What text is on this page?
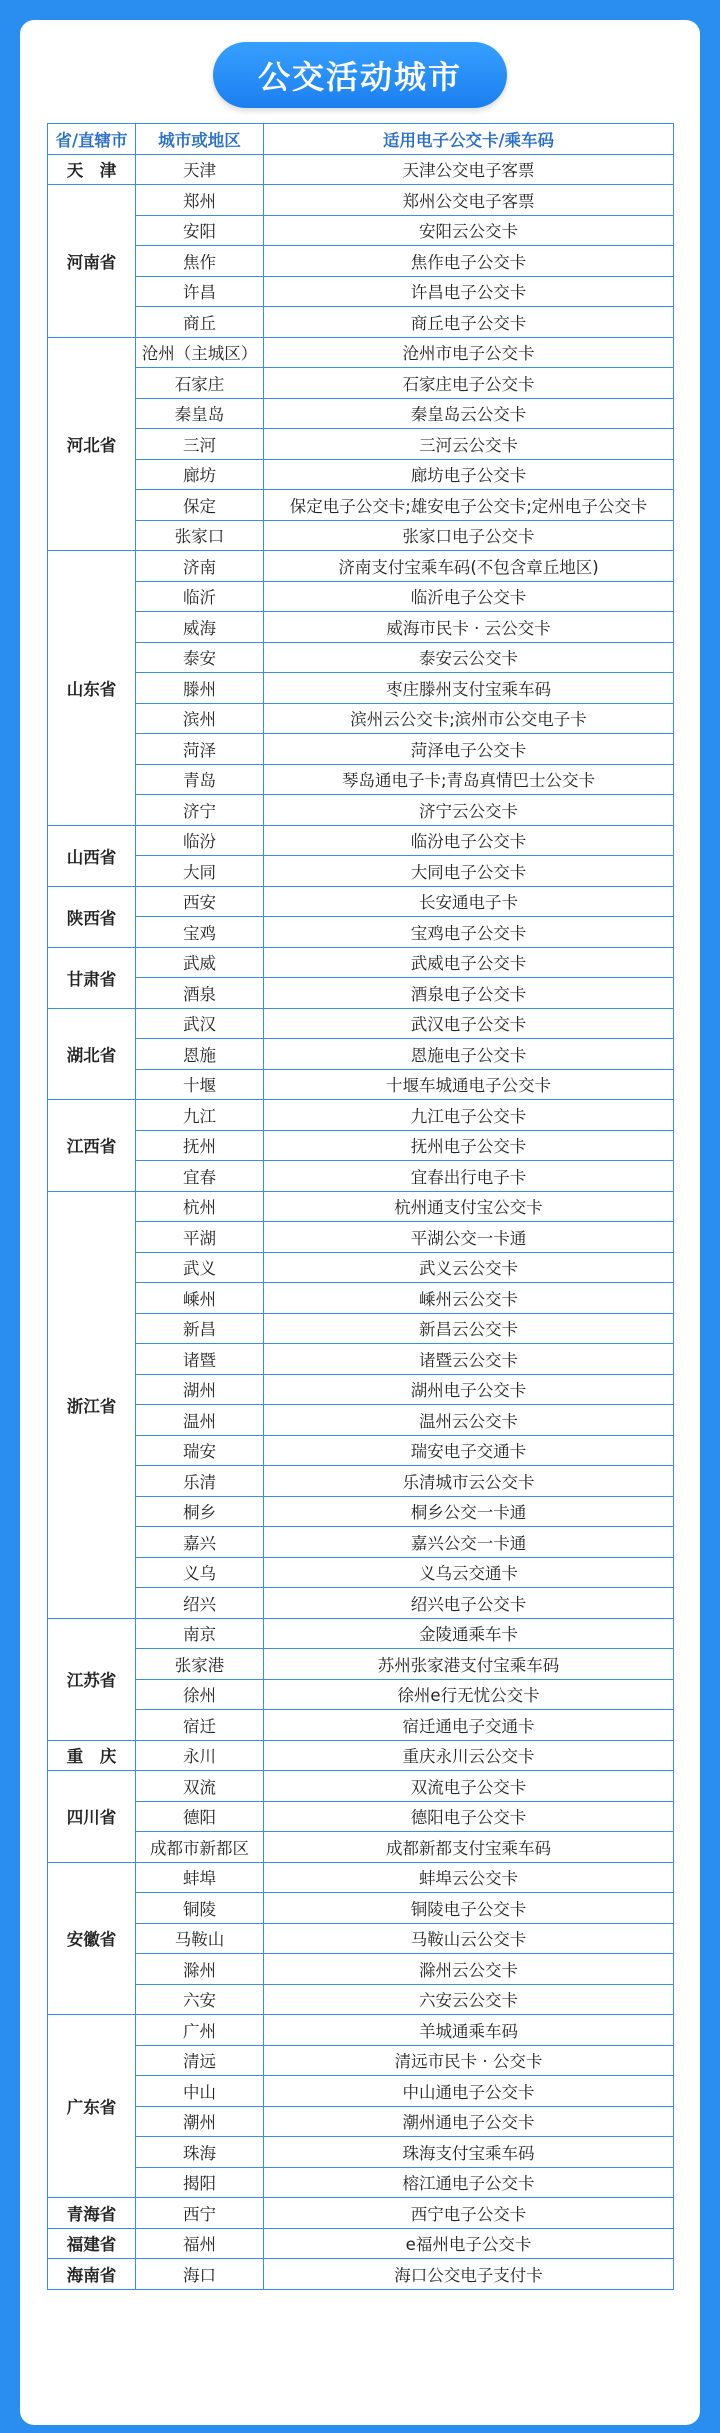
公交活动城市
省/直辖市	城市或地区	适用电子公交卡/乘车码
天　津	天津	天津公交电子客票
河南省	郑州	郑州公交电子客票
	安阳	安阳云公交卡
	焦作	焦作电子公交卡
	许昌	许昌电子公交卡
	商丘	商丘电子公交卡
河北省	沧州（主城区）	沧州市电子公交卡
	石家庄	石家庄电子公交卡
	秦皇岛	秦皇岛云公交卡
	三河	三河云公交卡
	廊坊	廊坊电子公交卡
	保定	保定电子公交卡;雄安电子公交卡;定州电子公交卡
	张家口	张家口电子公交卡
山东省	济南	济南支付宝乘车码(不包含章丘地区)
	临沂	临沂电子公交卡
	威海	威海市民卡 · 云公交卡
	泰安	泰安云公交卡
	滕州	枣庄滕州支付宝乘车码
	滨州	滨州云公交卡;滨州市公交电子卡
	菏泽	菏泽电子公交卡
	青岛	琴岛通电子卡;青岛真情巴士公交卡
	济宁	济宁云公交卡
山西省	临汾	临汾电子公交卡
	大同	大同电子公交卡
陕西省	西安	长安通电子卡
	宝鸡	宝鸡电子公交卡
甘肃省	武威	武威电子公交卡
	酒泉	酒泉电子公交卡
湖北省	武汉	武汉电子公交卡
	恩施	恩施电子公交卡
	十堰	十堰车城通电子公交卡
江西省	九江	九江电子公交卡
	抚州	抚州电子公交卡
	宜春	宜春出行电子卡
浙江省	杭州	杭州通支付宝公交卡
	平湖	平湖公交一卡通
	武义	武义云公交卡
	嵊州	嵊州云公交卡
	新昌	新昌云公交卡
	诸暨	诸暨云公交卡
	湖州	湖州电子公交卡
	温州	温州云公交卡
	瑞安	瑞安电子交通卡
	乐清	乐清城市云公交卡
	桐乡	桐乡公交一卡通
	嘉兴	嘉兴公交一卡通
	义乌	义乌云交通卡
	绍兴	绍兴电子公交卡
江苏省	南京	金陵通乘车卡
	张家港	苏州张家港支付宝乘车码
	徐州	徐州e行无忧公交卡
	宿迁	宿迁通电子交通卡
重　庆	永川	重庆永川云公交卡
四川省	双流	双流电子公交卡
	德阳	德阳电子公交卡
	成都市新都区	成都新都支付宝乘车码
安徽省	蚌埠	蚌埠云公交卡
	铜陵	铜陵电子公交卡
	马鞍山	马鞍山云公交卡
	滁州	滁州云公交卡
	六安	六安云公交卡
广东省	广州	羊城通乘车码
	清远	清远市民卡 · 公交卡
	中山	中山通电子公交卡
	潮州	潮州通电子公交卡
	珠海	珠海支付宝乘车码
	揭阳	榕江通电子公交卡
青海省	西宁	西宁电子公交卡
福建省	福州	e福州电子公交卡
海南省	海口	海口公交电子支付卡
